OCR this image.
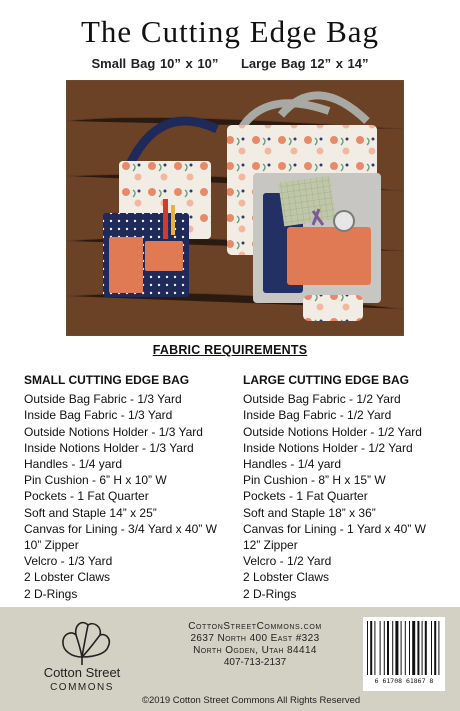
The Cutting Edge Bag
Small Bag 10” x 10” Large Bag 12” x 14”
FABRIC REQUIREMENTS
SMALL CUTTING EDGE BAG
Outside Bag Fabric - 1/3 Yard
Inside Bag Fabric - 1/3 Yard
Outside Notions Holder - 1/3 Yard
Inside Notions Holder - 1/3 Yard
Handles - 1/4 yard
Pin Cushion - 6” H x 10” W
Pockets - 1 Fat Quarter
Soft and Staple 14” x 25”
Canvas for Lining - 3/4 Yard x 40” W
10” Zipper
Velcro - 1/3 Yard
2 Lobster Claws
2 D-Rings
LARGE CUTTING EDGE BAG
Outside Bag Fabric - 1/2 Yard
Inside Bag Fabric - 1/2 Yard
Outside Notions Holder - 1/2 Yard
Inside Notions Holder - 1/2 Yard
Handles - 1/4 yard
Pin Cushion - 8” H x 15” W
Pockets - 1 Fat Quarter
Soft and Staple 18” x 36”
Canvas for Lining - 1 Yard x 40” W
12” Zipper
Velcro - 1/2 Yard
2 Lobster Claws
2 D-Rings
Cotton Street
COMMONS
CottonStreetCommons.com
2637 North 400 East #323
North Ogden, Utah 84414
407-713-2137
©2019 Cotton Street Commons All Rights Reserved
6 61708 61867 8
